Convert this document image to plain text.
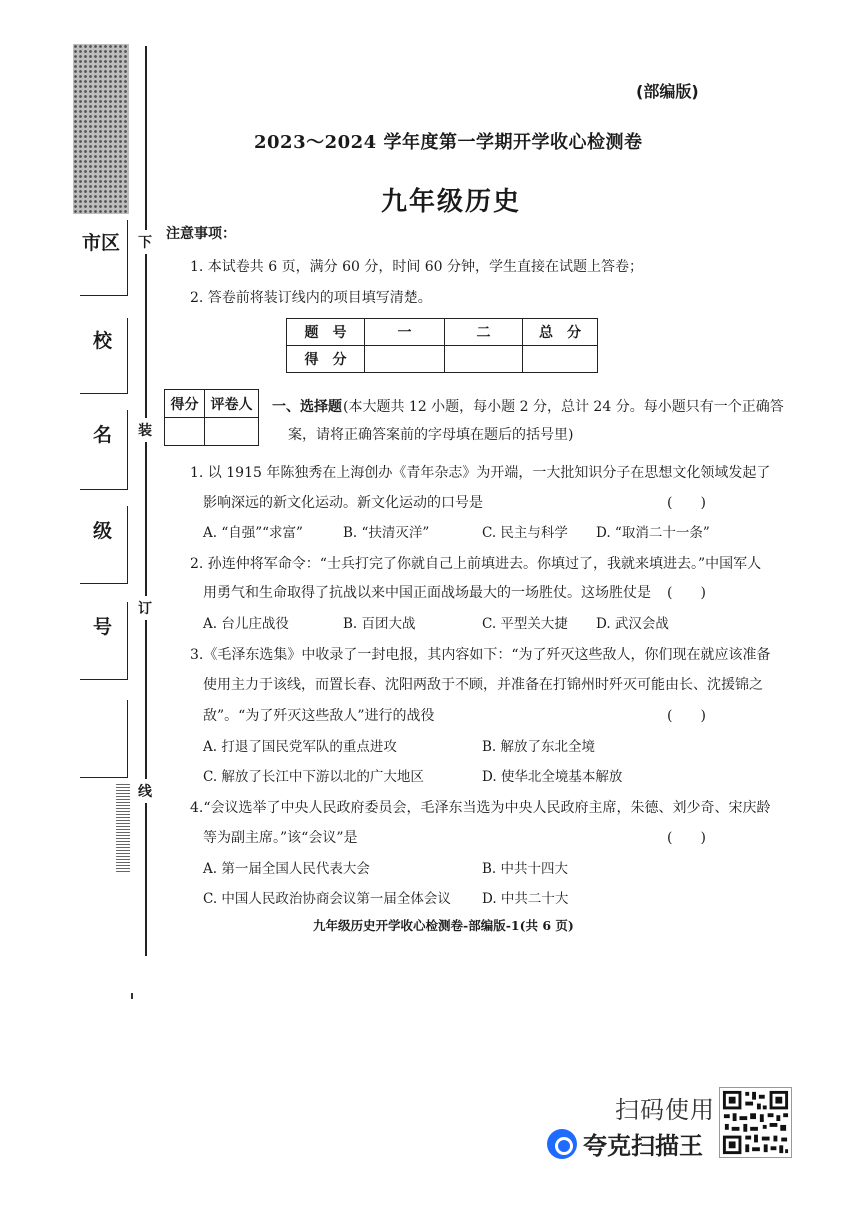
市区
校
名
级
号
下
装
订
线
(部编版)
2023～2024 学年度第一学期开学收心检测卷
九年级历史
注意事项：
1. 本试卷共 6 页，满分 60 分，时间 60 分钟，学生直接在试题上答卷；
2. 答卷前将装订线内的项目填写清楚。
题　号	一	二	总　分
得　分			
得分	评卷人
	一、选择题 (本大题共 12 小题，每小题 2 分，总计 24 分。每小题只有一个正确答
案，请将正确答案前的字母填在题后的括号里)
1. 以 1915 年陈独秀在上海创办《青年杂志》为开端，一大批知识分子在思想文化领域发起了
影响深远的新文化运动。新文化运动的口号是	(　　)
A. “自强”“求富”	B. “扶清灭洋”	C. 民主与科学 D. “取消二十一条”
2. 孙连仲将军命令：“士兵打完了你就自己上前填进去。你填过了，我就来填进去。”中国军人
用勇气和生命取得了抗战以来中国正面战场最大的一场胜仗。这场胜仗是 (　　)
A. 台儿庄战役	B. 百团大战	C. 平型关大捷 D. 武汉会战
3.《毛泽东选集》中收录了一封电报，其内容如下：“为了歼灭这些敌人，你们现在就应该准备
使用主力于该线，而置长春、沈阳两敌于不顾，并准备在打锦州时歼灭可能由长、沈援锦之
敌”。“为了歼灭这些敌人”进行的战役	(　　)
A. 打退了国民党军队的重点进攻	B. 解放了东北全境
C. 解放了长江中下游以北的广大地区	D. 使华北全境基本解放
4.“会议选举了中央人民政府委员会，毛泽东当选为中央人民政府主席，朱德、刘少奇、宋庆龄
等为副主席。”该“会议”是	(　　)
A. 第一届全国人民代表大会	B. 中共十四大
C. 中国人民政治协商会议第一届全体会议 D. 中共二十大
九年级历史开学收心检测卷-部编版-1(共 6 页)
扫码使用
夸克扫描王
